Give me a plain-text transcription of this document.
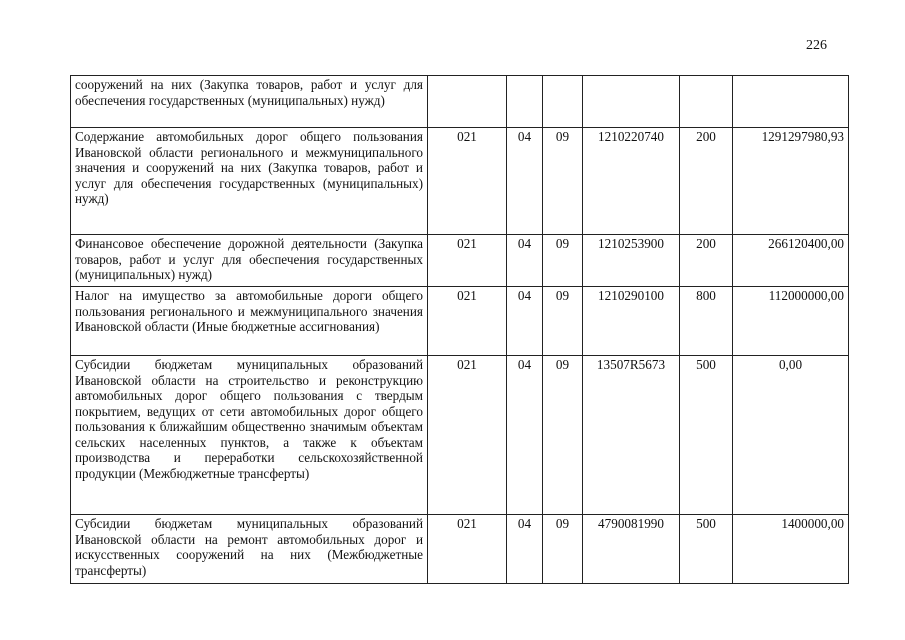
226
сооружений на них (Закупка товаров, работ и услуг для обеспечения государственных (муниципальных) нужд)						
Содержание автомобильных дорог общего пользования Ивановской области регионального и межмуниципального значения и сооружений на них (Закупка товаров, работ и услуг для обеспечения государственных (муниципальных) нужд)	021	04	09	1210220740	200	1291297980,93
Финансовое обеспечение дорожной деятельности (Закупка товаров, работ и услуг для обеспечения государственных (муниципальных) нужд)	021	04	09	1210253900	200	266120400,00
Налог на имущество за автомобильные дороги общего пользования регионального и межмуниципального значения Ивановской области (Иные бюджетные ассигнования)	021	04	09	1210290100	800	112000000,00
Субсидии бюджетам муниципальных образований Ивановской области на строительство и реконструкцию автомобильных дорог общего пользования с твердым покрытием, ведущих от сети автомобильных дорог общего пользования к ближайшим общественно значимым объектам сельских населенных пунктов, а также к объектам производства и переработки сельскохозяйственной продукции (Межбюджетные трансферты)	021	04	09	13507R5673	500	0,00
Субсидии бюджетам муниципальных образований Ивановской области на ремонт автомобильных дорог и искусственных сооружений на них (Межбюджетные трансферты)	021	04	09	4790081990	500	1400000,00
